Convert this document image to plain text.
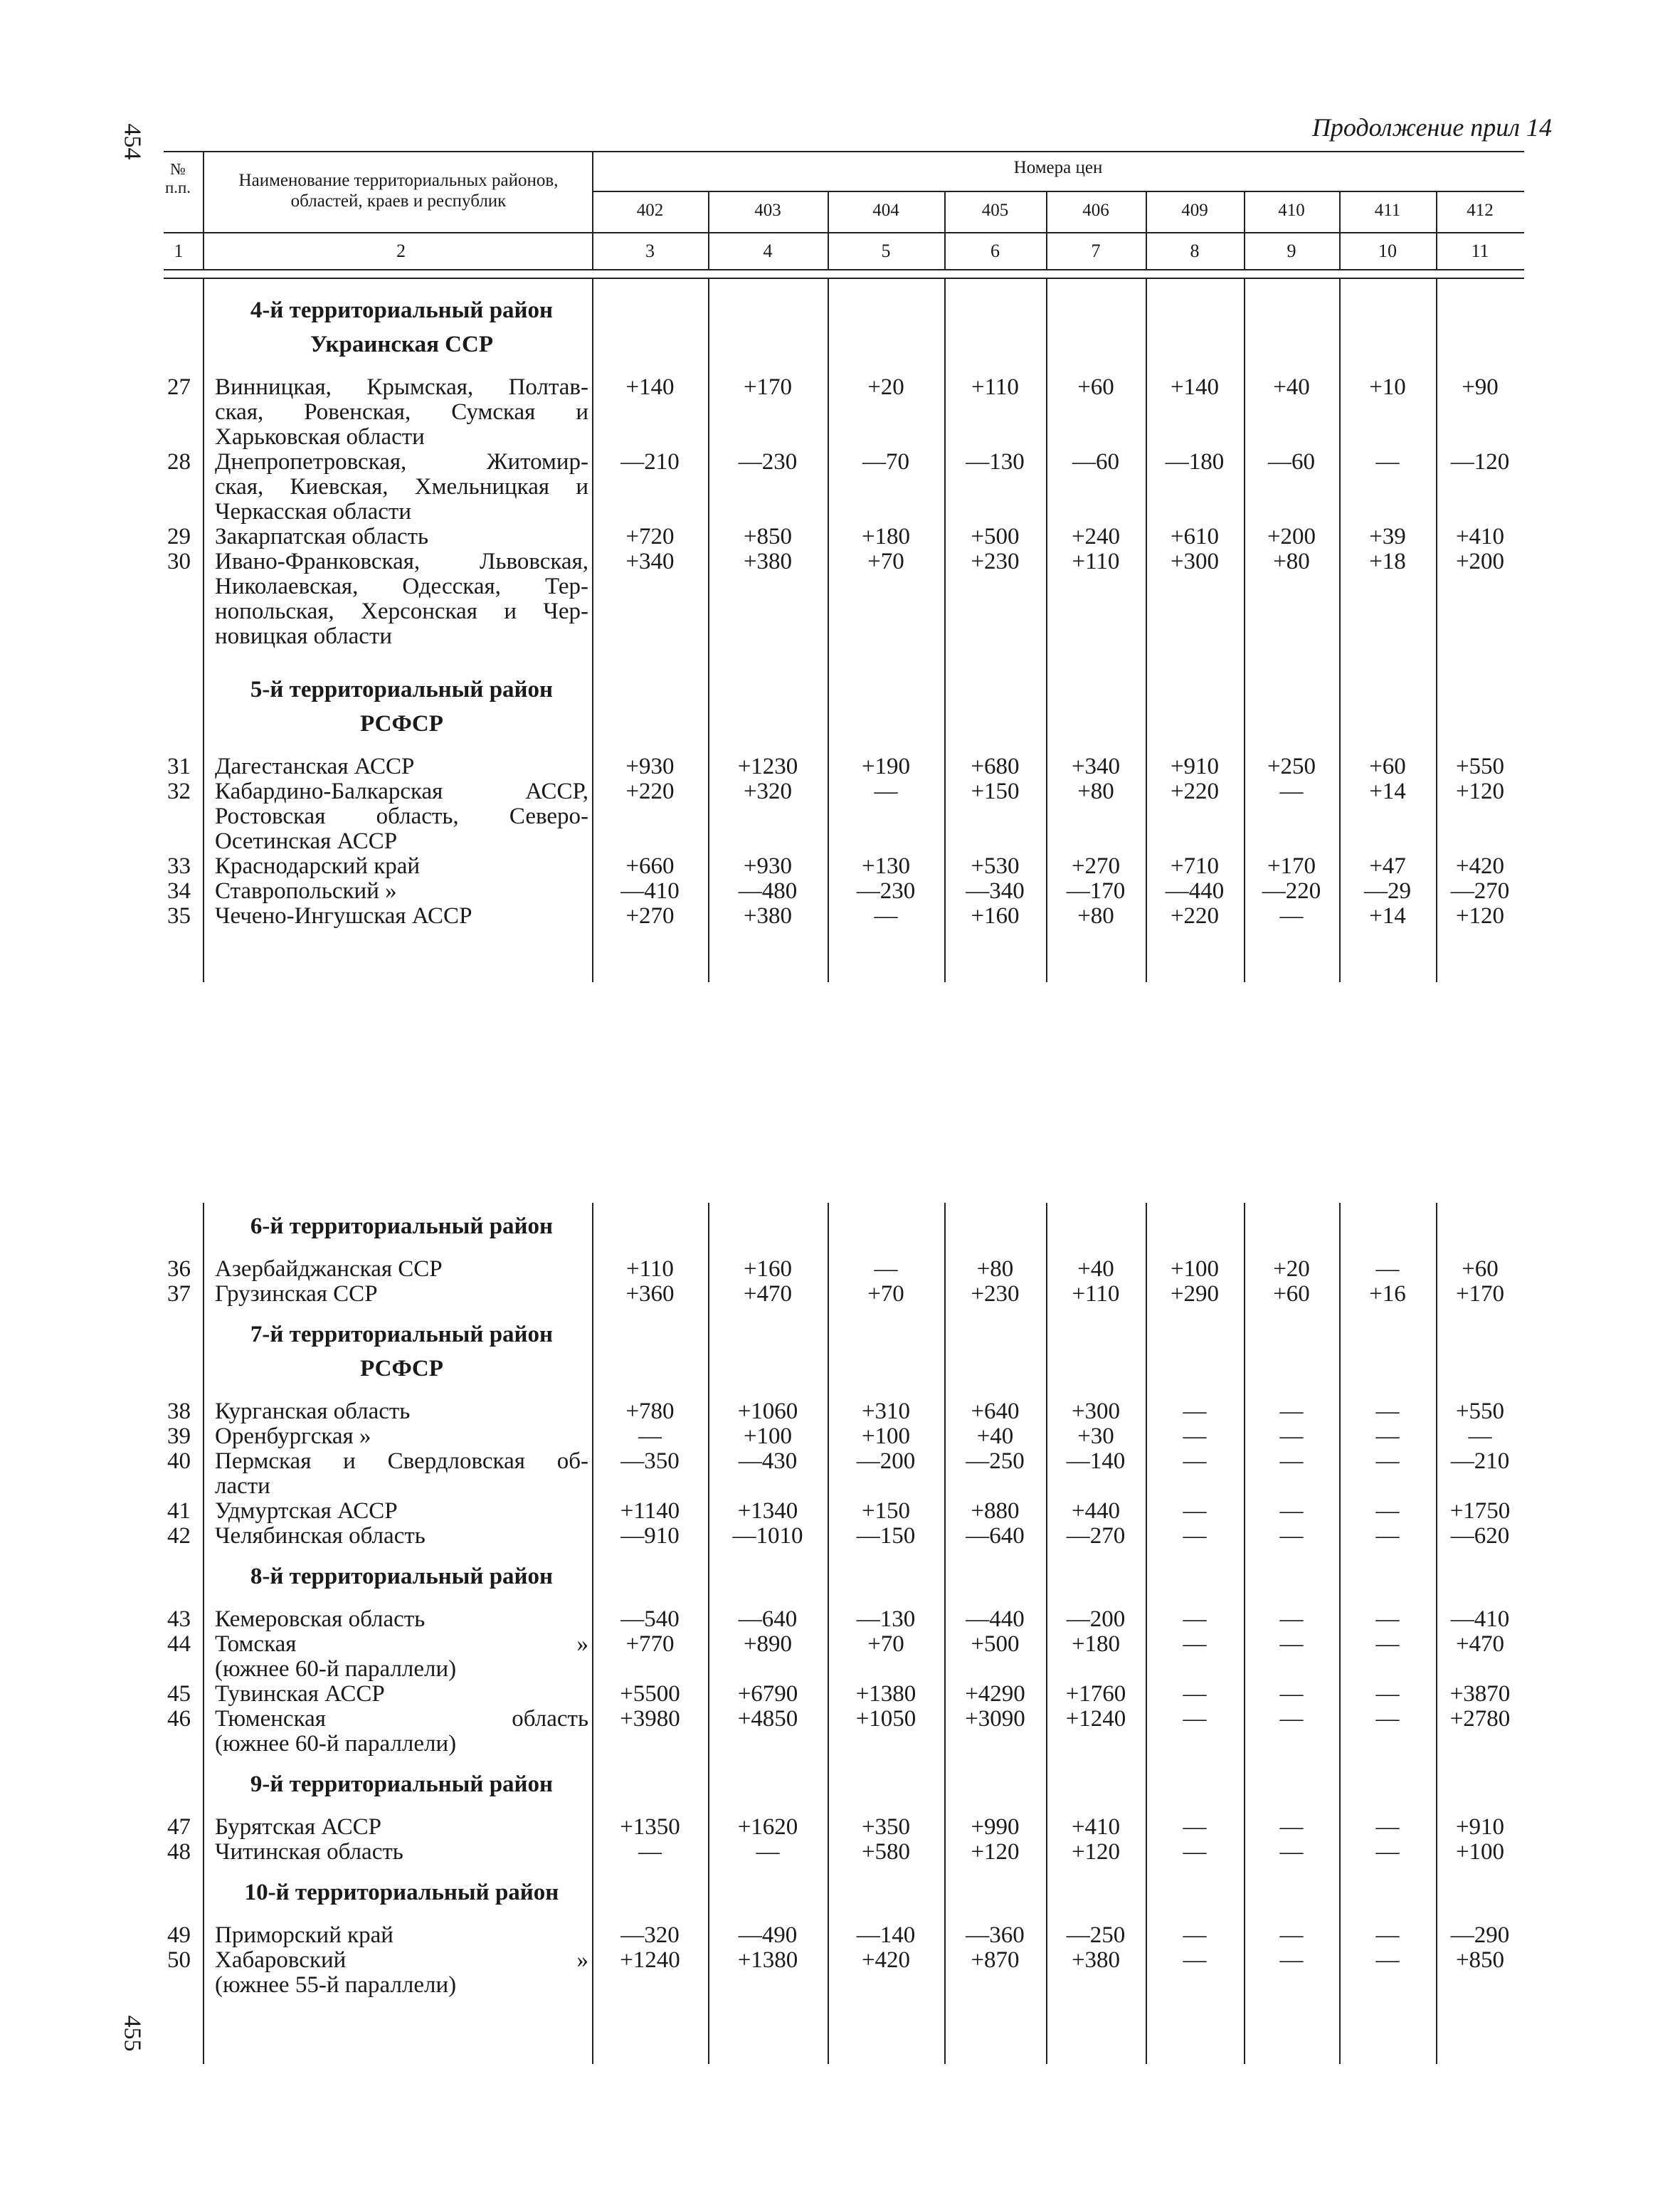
454
455
Продолжение прил 14
№ п.п.	Наименование территориальных районов, областей, краев и республик
Номера цен
402	403	404	405	406	409	410	411	412
1	2	3	4	5	6	7	8	9	10	11
4-й территориальный район
Украинская ССР
27 Винницкая, Крымская, Полтав-
ская, Ровенская, Сумская и
Харьковская области
+140	+170	+20	+110	+60	+140	+40	+10	+90
28 Днепропетровская, Житомир-
ская, Киевская, Хмельницкая и
Черкасская области
—210	—230	—70	—130	—60	—180	—60	—	—120
29 Закарпатская область	+720	+850	+180	+500	+240	+610	+200	+39	+410
30 Ивано-Франковская, Львовская,
Николаевская, Одесская, Тер-
нопольская, Херсонская и Чер-
новицкая области
+340	+380	+70	+230	+110	+300	+80	+18	+200
5-й территориальный район
РСФСР
31 Дагестанская АССР	+930	+1230	+190	+680	+340	+910	+250	+60	+550
32 Кабардино-Балкарская АССР,
Ростовская область, Северо-
Осетинская АССР
+220	+320	—	+150	+80	+220	—	+14	+120
33 Краснодарский край	+660	+930	+130	+530	+270	+710	+170	+47	+420
34 Ставропольский »	—410	—480	—230	—340	—170	—440	—220	—29	—270
35 Чечено-Ингушская АССР	+270	+380	—	+160	+80	+220	—	+14	+120
6-й территориальный район
36 Азербайджанская ССР	+110	+160	—	+80	+40	+100	+20	—	+60
37 Грузинская ССР	+360	+470	+70	+230	+110	+290	+60	+16	+170
7-й территориальный район
РСФСР
38 Курганская область	+780	+1060	+310	+640	+300	—	—	—	+550
39 Оренбургская »	—	+100	+100	+40	+30	—	—	—	—
40 Пермская и Свердловская об-
ласти
—350	—430	—200	—250	—140	—	—	—	—210
41 Удмуртская АССР	+1140	+1340	+150	+880	+440	—	—	—	+1750
42 Челябинская область	—910	—1010	—150	—640	—270	—	—	—	—620
8-й территориальный район
43 Кемеровская область	—540	—640	—130	—440	—200	—	—	—	—410
44 Томская »
(южнее 60-й параллели)
+770	+890	+70	+500	+180	—	—	—	+470
45 Тувинская АССР	+5500	+6790	+1380	+4290	+1760	—	—	—	+3870
46 Тюменская область
(южнее 60-й параллели)
+3980	+4850	+1050	+3090	+1240	—	—	—	+2780
9-й территориальный район
47 Бурятская АССР	+1350	+1620	+350	+990	+410	—	—	—	+910
48 Читинская область	—	—	+580	+120	+120	—	—	—	+100
10-й территориальный район
49 Приморский край	—320	—490	—140	—360	—250	—	—	—	—290
50 Хабаровский »
(южнее 55-й параллели)
+1240	+1380	+420	+870	+380	—	—	—	+850
